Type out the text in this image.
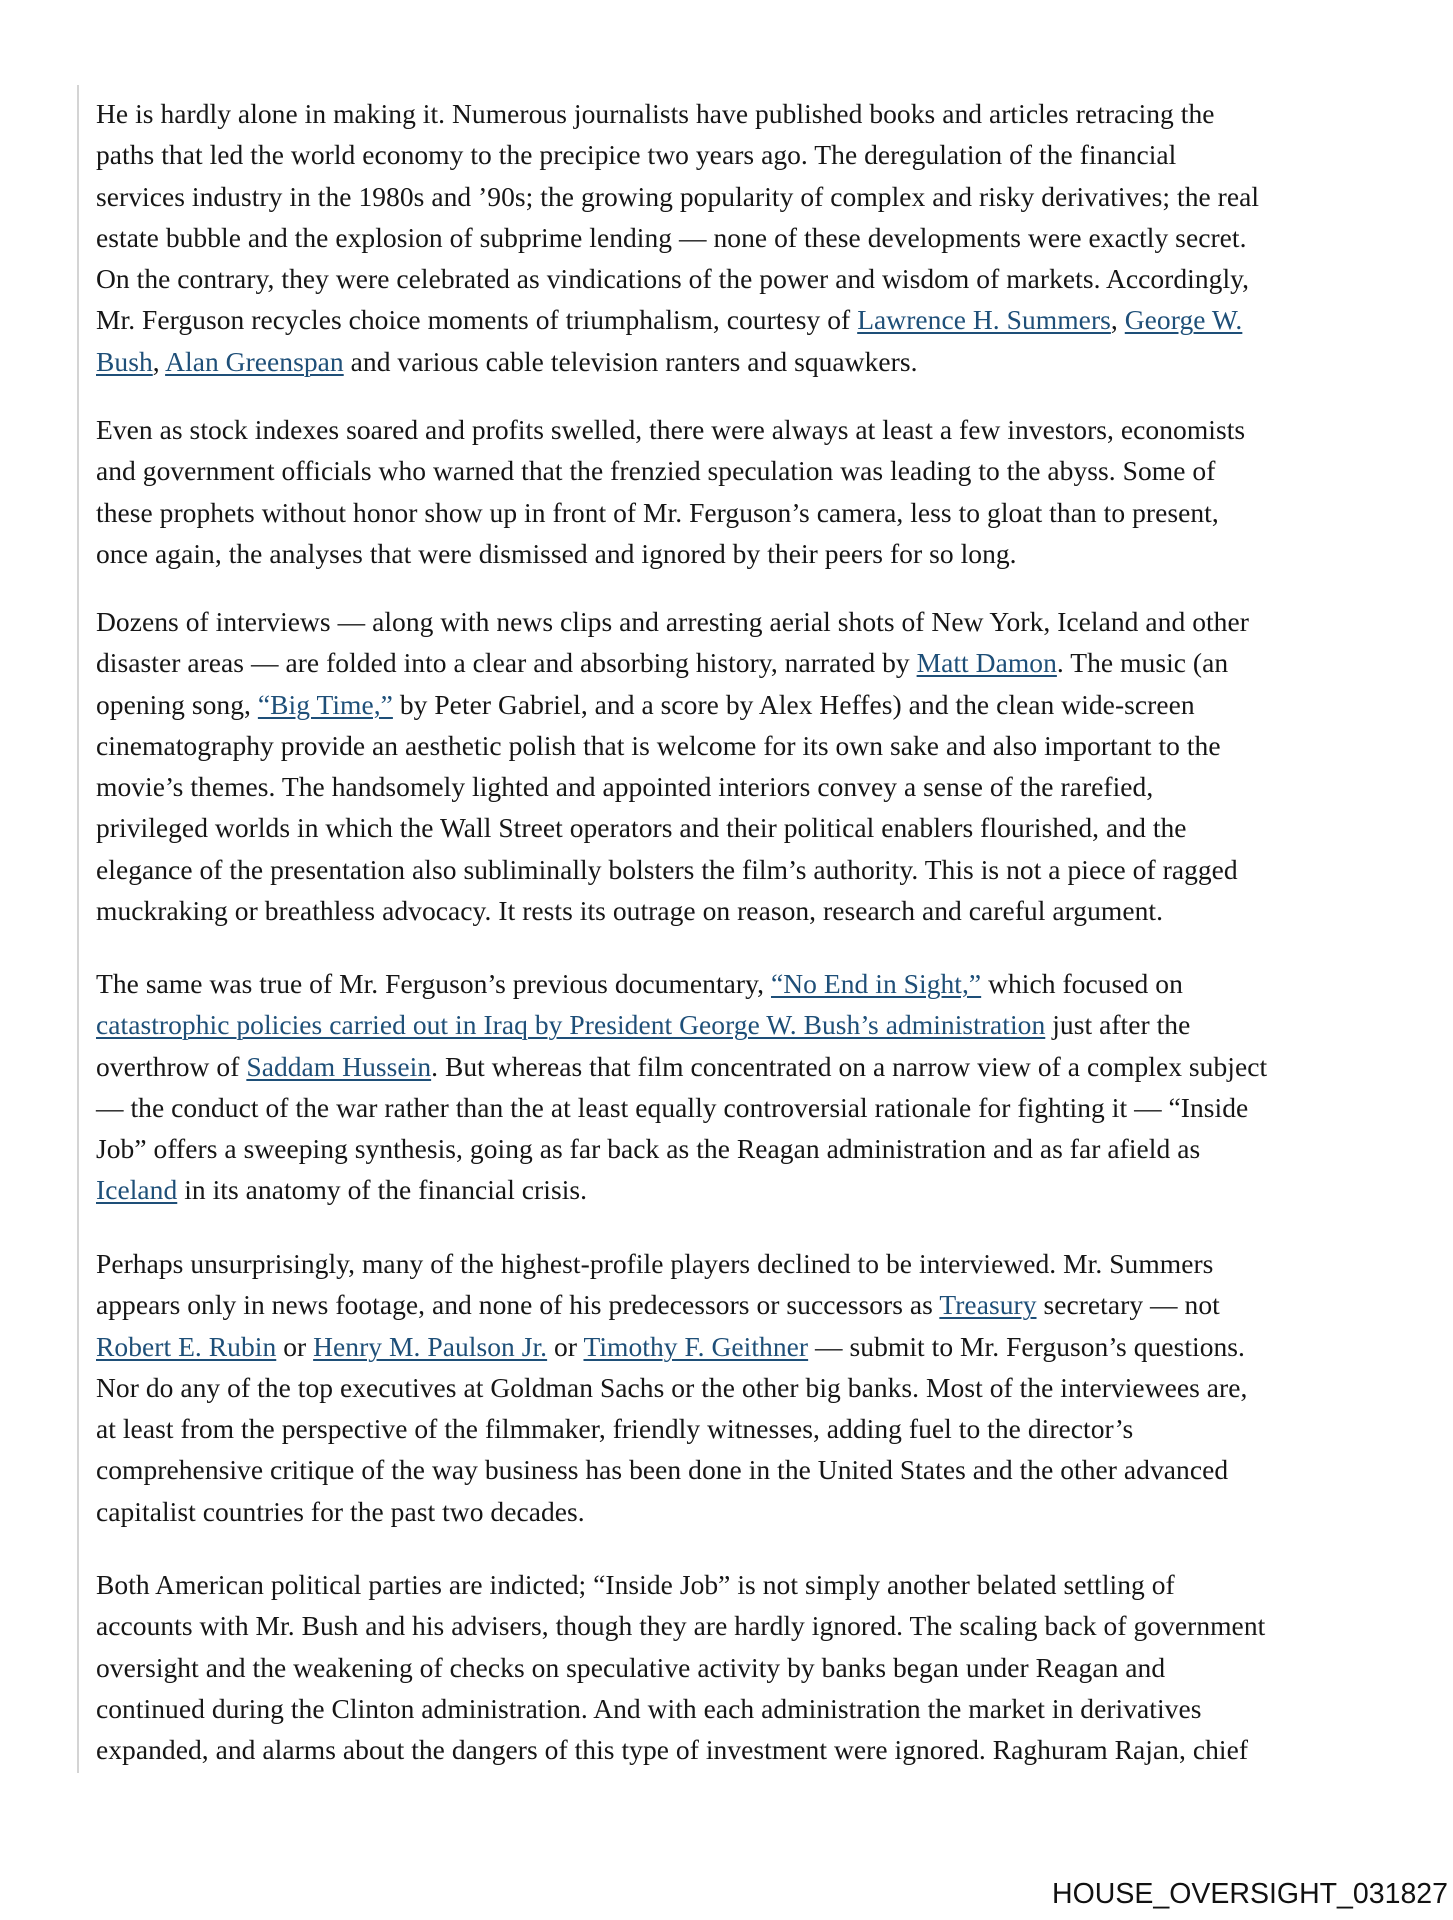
He is hardly alone in making it. Numerous journalists have published books and articles retracing the
paths that led the world economy to the precipice two years ago. The deregulation of the financial
services industry in the 1980s and ’90s; the growing popularity of complex and risky derivatives; the real
estate bubble and the explosion of subprime lending — none of these developments were exactly secret.
On the contrary, they were celebrated as vindications of the power and wisdom of markets. Accordingly,
Mr. Ferguson recycles choice moments of triumphalism, courtesy of Lawrence H. Summers, George W.
Bush, Alan Greenspan and various cable television ranters and squawkers.
Even as stock indexes soared and profits swelled, there were always at least a few investors, economists
and government officials who warned that the frenzied speculation was leading to the abyss. Some of
these prophets without honor show up in front of Mr. Ferguson’s camera, less to gloat than to present,
once again, the analyses that were dismissed and ignored by their peers for so long.
Dozens of interviews — along with news clips and arresting aerial shots of New York, Iceland and other
disaster areas — are folded into a clear and absorbing history, narrated by Matt Damon. The music (an
opening song, “Big Time,” by Peter Gabriel, and a score by Alex Heffes) and the clean wide-screen
cinematography provide an aesthetic polish that is welcome for its own sake and also important to the
movie’s themes. The handsomely lighted and appointed interiors convey a sense of the rarefied,
privileged worlds in which the Wall Street operators and their political enablers flourished, and the
elegance of the presentation also subliminally bolsters the film’s authority. This is not a piece of ragged
muckraking or breathless advocacy. It rests its outrage on reason, research and careful argument.
The same was true of Mr. Ferguson’s previous documentary, “No End in Sight,” which focused on
catastrophic policies carried out in Iraq by President George W. Bush’s administration just after the
overthrow of Saddam Hussein. But whereas that film concentrated on a narrow view of a complex subject
— the conduct of the war rather than the at least equally controversial rationale for fighting it — “Inside
Job” offers a sweeping synthesis, going as far back as the Reagan administration and as far afield as
Iceland in its anatomy of the financial crisis.
Perhaps unsurprisingly, many of the highest-profile players declined to be interviewed. Mr. Summers
appears only in news footage, and none of his predecessors or successors as Treasury secretary — not
Robert E. Rubin or Henry M. Paulson Jr. or Timothy F. Geithner — submit to Mr. Ferguson’s questions.
Nor do any of the top executives at Goldman Sachs or the other big banks. Most of the interviewees are,
at least from the perspective of the filmmaker, friendly witnesses, adding fuel to the director’s
comprehensive critique of the way business has been done in the United States and the other advanced
capitalist countries for the past two decades.
Both American political parties are indicted; “Inside Job” is not simply another belated settling of
accounts with Mr. Bush and his advisers, though they are hardly ignored. The scaling back of government
oversight and the weakening of checks on speculative activity by banks began under Reagan and
continued during the Clinton administration. And with each administration the market in derivatives
expanded, and alarms about the dangers of this type of investment were ignored. Raghuram Rajan, chief
HOUSE_OVERSIGHT_031827
